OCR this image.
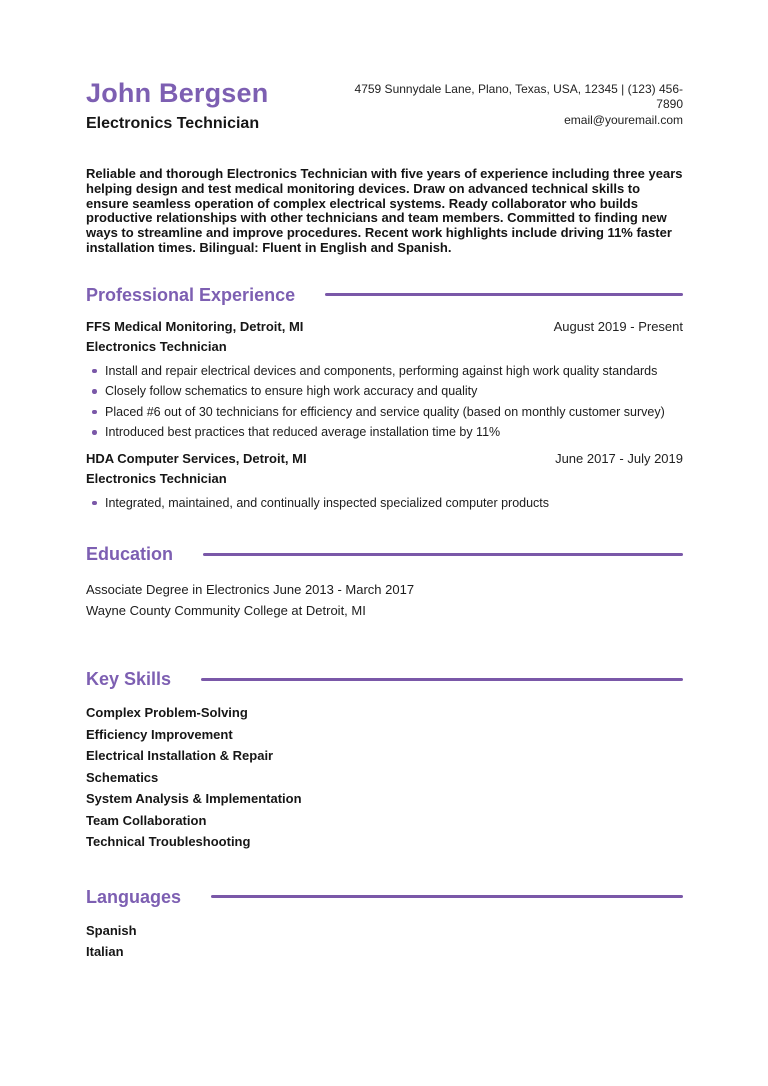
John Bergsen
Electronics Technician
4759 Sunnydale Lane, Plano, Texas, USA, 12345 | (123) 456-7890
email@youremail.com

Reliable and thorough Electronics Technician with five years of experience including three years helping design and test medical monitoring devices. Draw on advanced technical skills to ensure seamless operation of complex electrical systems. Ready collaborator who builds productive relationships with other technicians and team members. Committed to finding new ways to streamline and improve procedures. Recent work highlights include driving 11% faster installation times. Bilingual: Fluent in English and Spanish.

Professional Experience
FFS Medical Monitoring, Detroit, MI	August 2019 - Present
Electronics Technician
Install and repair electrical devices and components, performing against high work quality standards
Closely follow schematics to ensure high work accuracy and quality
Placed #6 out of 30 technicians for efficiency and service quality (based on monthly customer survey)
Introduced best practices that reduced average installation time by 11%
HDA Computer Services, Detroit, MI	June 2017 - July 2019
Electronics Technician
Integrated, maintained, and continually inspected specialized computer products
Education
Associate Degree in Electronics June 2013 - March 2017
Wayne County Community College at Detroit, MI
Key Skills
Complex Problem-Solving
Efficiency Improvement
Electrical Installation & Repair
Schematics
System Analysis & Implementation
Team Collaboration
Technical Troubleshooting
Languages
Spanish
Italian
